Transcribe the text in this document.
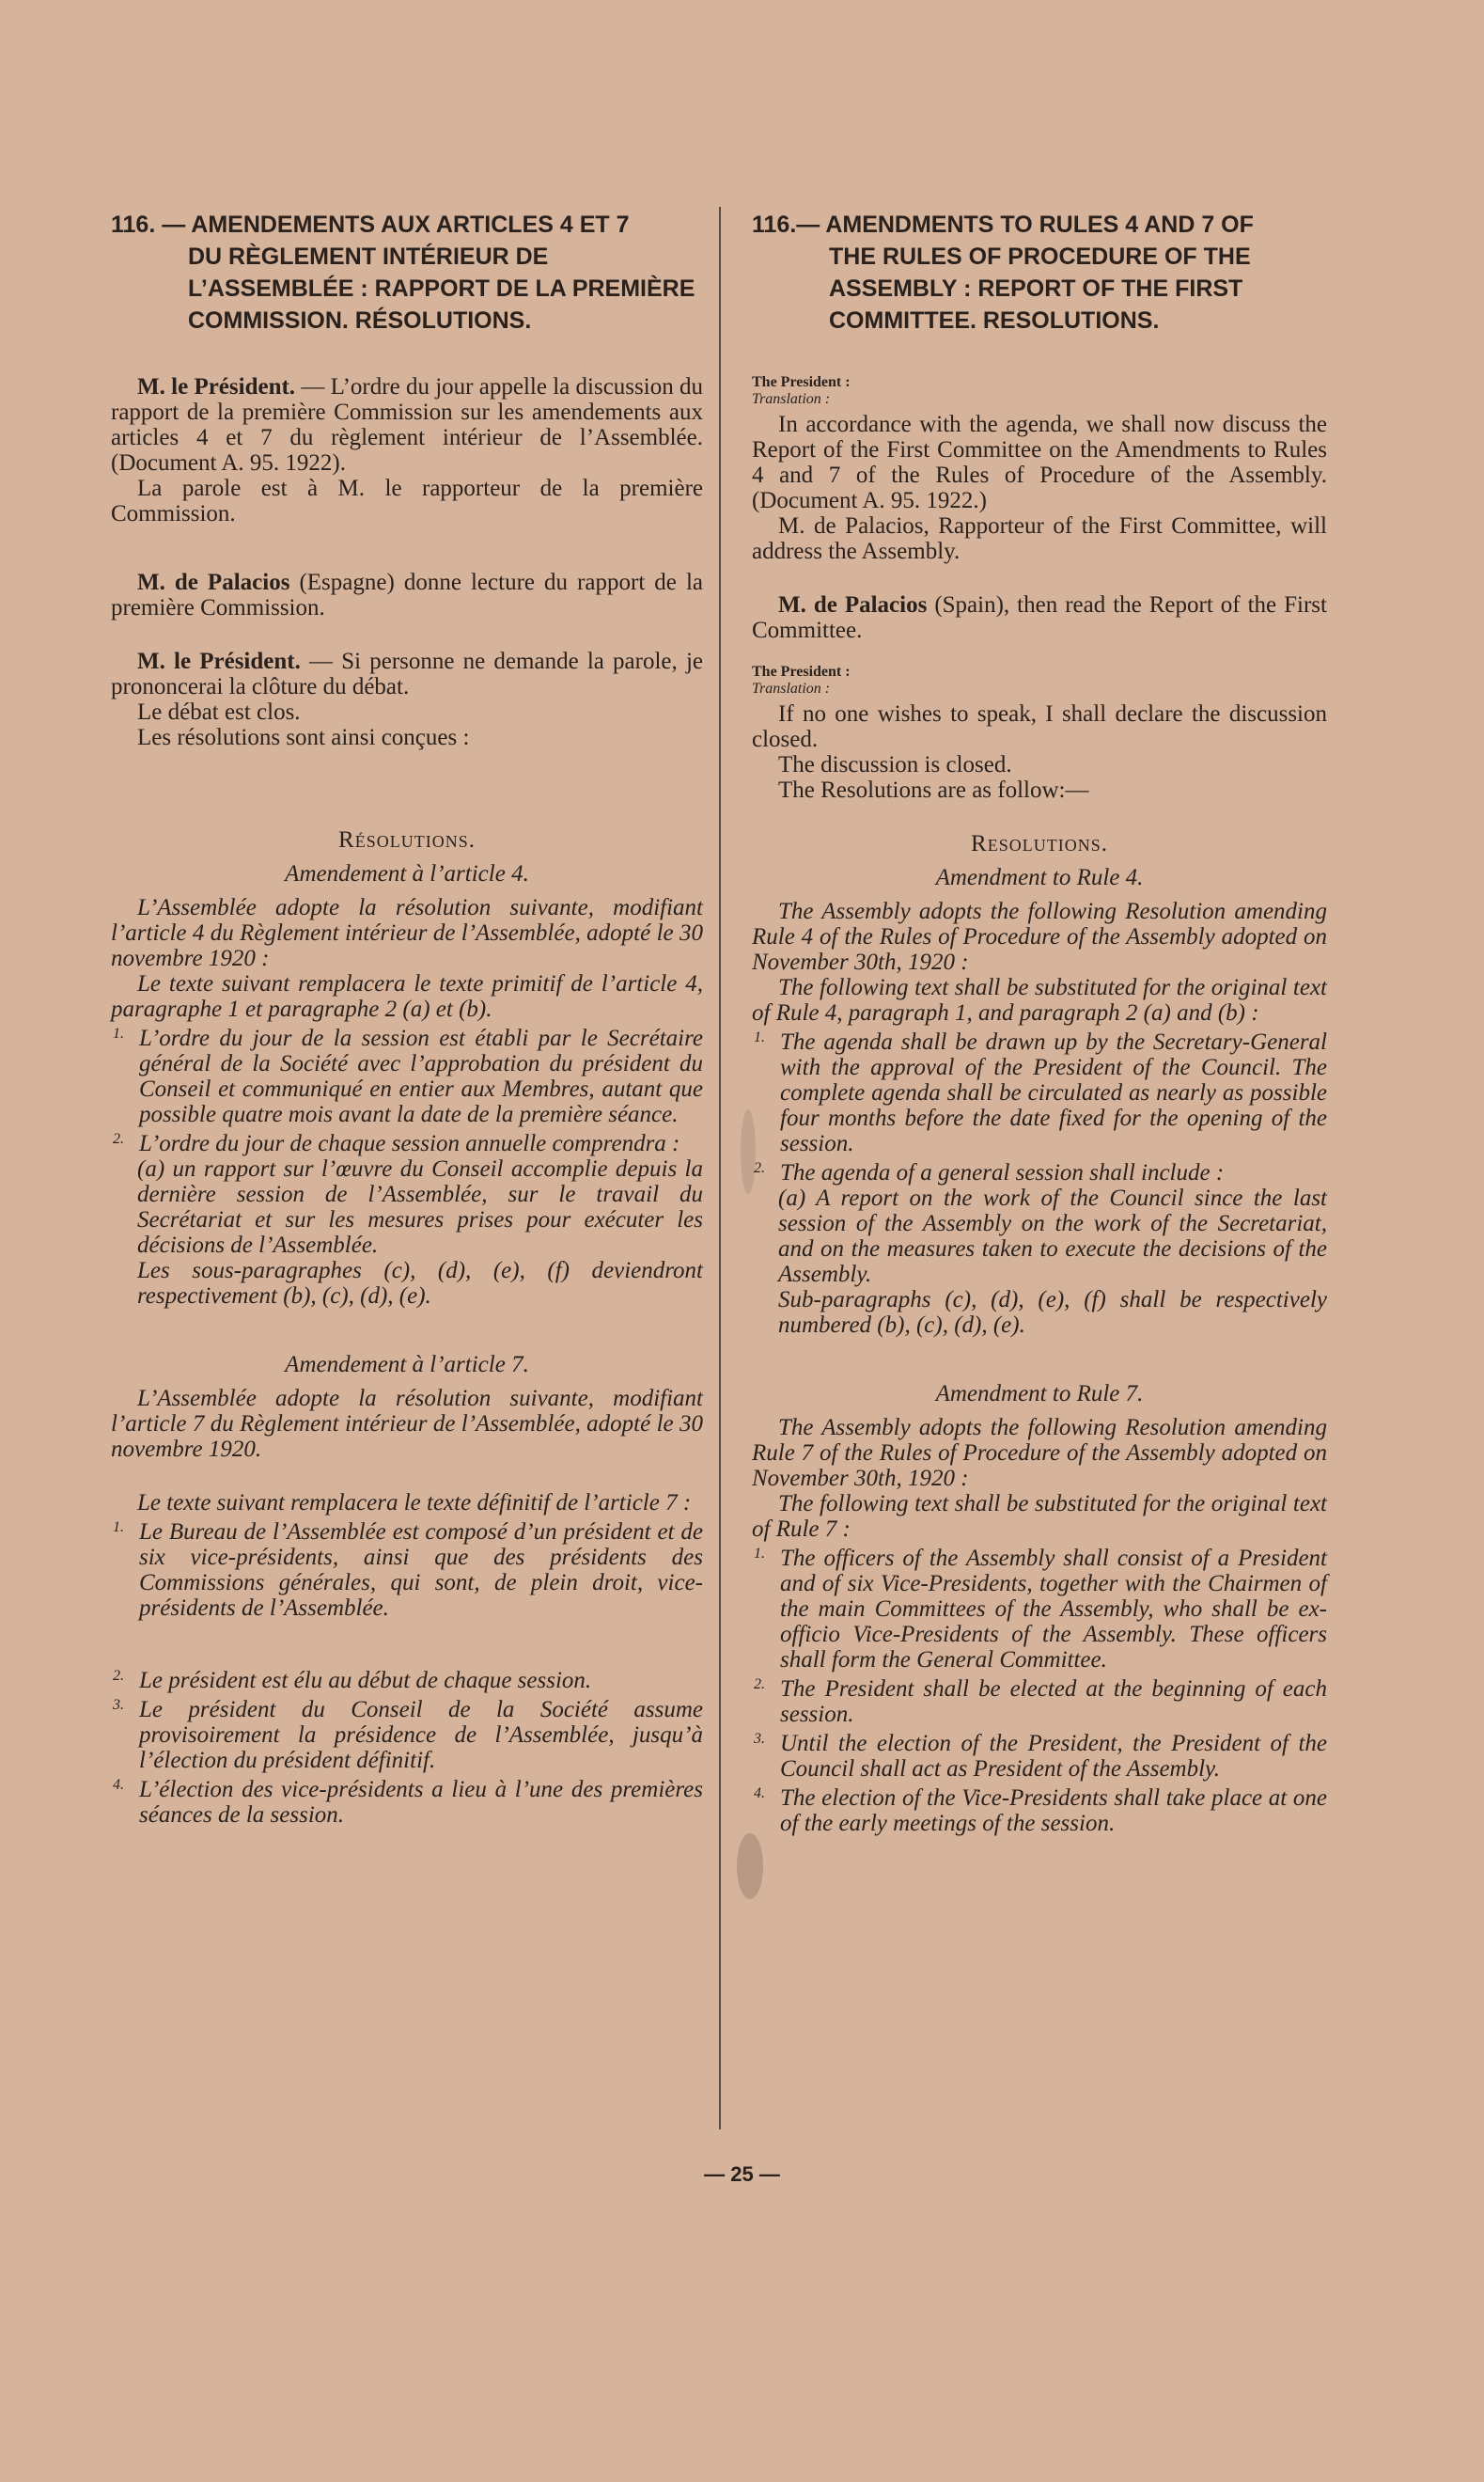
116. — AMENDEMENTS AUX ARTICLES 4 ET 7
DU RÈGLEMENT INTÉRIEUR DE L’ASSEMBLÉE : RAPPORT DE LA PREMIÈRE COMMISSION. RÉSOLUTIONS.

M. le Président. — L’ordre du jour appelle la discussion du rapport de la première Commission sur les amendements aux articles 4 et 7 du règlement intérieur de l’Assemblée. (Document A. 95. 1922).

La parole est à M. le rapporteur de la première Commission.

M. de Palacios (Espagne) donne lecture du rapport de la première Commission.

M. le Président. — Si personne ne demande la parole, je prononcerai la clôture du débat.

Le débat est clos.

Les résolutions sont ainsi conçues :

Résolutions.
Amendement à l’article 4.

L’Assemblée adopte la résolution suivante, modifiant l’article 4 du Règlement intérieur de l’Assemblée, adopté le 30 novembre 1920 :

Le texte suivant remplacera le texte primitif de l’article 4, paragraphe 1 et paragraphe 2 (a) et (b).

1. L’ordre du jour de la session est établi par le Secrétaire général de la Société avec l’approbation du président du Conseil et communiqué en entier aux Membres, autant que possible quatre mois avant la date de la première séance.
2. L’ordre du jour de chaque session annuelle comprendra :

(a) un rapport sur l’œuvre du Conseil accomplie depuis la dernière session de l’Assemblée, sur le travail du Secrétariat et sur les mesures prises pour exécuter les décisions de l’Assemblée.

Les sous-paragraphes (c), (d), (e), (f) deviendront respectivement (b), (c), (d), (e).

Amendement à l’article 7.

L’Assemblée adopte la résolution suivante, modifiant l’article 7 du Règlement intérieur de l’Assemblée, adopté le 30 novembre 1920.

Le texte suivant remplacera le texte définitif de l’article 7 :

1. Le Bureau de l’Assemblée est composé d’un président et de six vice-présidents, ainsi que des présidents des Commissions générales, qui sont, de plein droit, vice-présidents de l’Assemblée.
2. Le président est élu au début de chaque session.
3. Le président du Conseil de la Société assume provisoirement la présidence de l’Assemblée, jusqu’à l’élection du président définitif.
4. L’élection des vice-présidents a lieu à l’une des premières séances de la session.
116.— AMENDMENTS TO RULES 4 AND 7 OF
THE RULES OF PROCEDURE OF THE ASSEMBLY : REPORT OF THE FIRST COMMITTEE. RESOLUTIONS.
The President :
Translation :

In accordance with the agenda, we shall now discuss the Report of the First Committee on the Amendments to Rules 4 and 7 of the Rules of Procedure of the Assembly. (Document A. 95. 1922.)

M. de Palacios, Rapporteur of the First Committee, will address the Assembly.

M. de Palacios (Spain), then read the Report of the First Committee.

The President :
Translation :

If no one wishes to speak, I shall declare the discussion closed.

The discussion is closed.

The Resolutions are as follow:—

Resolutions.
Amendment to Rule 4.

The Assembly adopts the following Resolution amending Rule 4 of the Rules of Procedure of the Assembly adopted on November 30th, 1920 :

The following text shall be substituted for the original text of Rule 4, paragraph 1, and paragraph 2 (a) and (b) :

1. The agenda shall be drawn up by the Secretary-General with the approval of the President of the Council. The complete agenda shall be circulated as nearly as possible four months before the date fixed for the opening of the session.
2. The agenda of a general session shall include :

(a) A report on the work of the Council since the last session of the Assembly on the work of the Secretariat, and on the measures taken to execute the decisions of the Assembly.

Sub-paragraphs (c), (d), (e), (f) shall be respectively numbered (b), (c), (d), (e).

Amendment to Rule 7.

The Assembly adopts the following Resolution amending Rule 7 of the Rules of Procedure of the Assembly adopted on November 30th, 1920 :

The following text shall be substituted for the original text of Rule 7 :

1. The officers of the Assembly shall consist of a President and of six Vice-Presidents, together with the Chairmen of the main Committees of the Assembly, who shall be ex-officio Vice-Presidents of the Assembly. These officers shall form the General Committee.
2. The President shall be elected at the beginning of each session.
3. Until the election of the President, the President of the Council shall act as President of the Assembly.
4. The election of the Vice-Presidents shall take place at one of the early meetings of the session.
— 25 —
